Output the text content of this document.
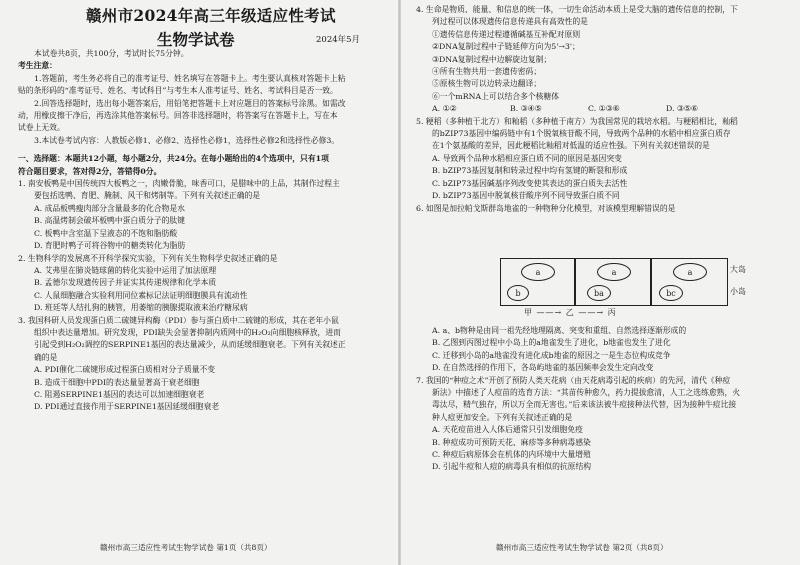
赣州市2024年高三年级适应性考试
生物学试卷	2024年5月
本试卷共8页，共100分，考试时长75分钟。
考生注意：
1.答题前，考生务必将自己的准考证号、姓名填写在答题卡上。考生要认真核对答题卡上粘
贴的条形码的“准考证号、姓名、考试科目”与考生本人准考证号、姓名、考试科目是否一致。
2.回答选择题时，选出每小题答案后，用铅笔把答题卡上对应题目的答案标号涂黑。如需改
动，用橡皮擦干净后，再选涂其他答案标号。回答非选择题时，将答案写在答题卡上，写在本
试卷上无效。
3.本试卷考试内容：人教版必修1、必修2、选择性必修1，选择性必修2和选择性必修3。
一、选择题：本题共12小题，每小题2分，共24分。在每小题给出的4个选项中，只有1项
符合题目要求，答对得2分，答错得0分。
1. 南安板鸭是中国传统四大板鸭之一，肉嫩骨脆，味香可口，是腊味中的上品，其制作过程主
要包括选鸭、育肥、腌制、风干和烤制等。下列有关叙述正确的是
A. 成品板鸭瘦肉部分含量最多的化合物是水
B. 高温烤制会破坏板鸭中蛋白质分子的肽键
C. 板鸭中含室温下呈液态的不饱和脂肪酸
D. 育肥时鸭子可将谷物中的糖类转化为脂肪
2. 生物科学的发展离不开科学探究实验，下列有关生物科学史叙述正确的是
A. 艾弗里在肺炎链球菌的转化实验中运用了加法原理
B. 孟德尔发现遗传因子并证实其传递规律和化学本质
C. 人鼠细胞融合实验利用同位素标记法证明细胞膜具有流动性
D. 班廷等人结扎狗的胰管，用萎缩的胰腺提取液来治疗糖尿病
3. 我国科研人员发现蛋白质二硫键异构酶（PDI）参与蛋白质中二硫键的形成，其在老年小鼠
组织中表达量增加。研究发现，PDI缺失会显著抑制内质网中的H₂O₂向细胞核释放，进而
引起受到H₂O₂调控的SERPINE1基因的表达量减少，从而延缓细胞衰老。下列有关叙述正
确的是
A. PDI催化二硫键形成过程蛋白质相对分子质量不变
B. 造成干细胞中PDI的表达量显著高于衰老细胞
C. 阻遏SERPINE1基因的表达可以加速细胞衰老
D. PDI通过直接作用于SERPINE1基因延缓细胞衰老
赣州市高三适应性考试生物学试卷 第1页（共8页）
4. 生命是物质、能量、和信息的统一体，一切生命活动本质上是受大脑的遗传信息的控制，下
列过程可以体现遗传信息传递具有高效性的是
①遗传信息传递过程遵循碱基互补配对原则
②DNA复制过程中子链延伸方向为5'→3'；
③DNA复制过程中边解旋边复制；
④所有生物共用一套遗传密码；
⑤原核生物可以边转录边翻译；
⑥一个mRNA上可以结合多个核糖体
A. ①②	B. ③④⑤	C. ①③⑥	D. ③⑤⑥
5. 粳稻（多种植于北方）和籼稻（多种植于南方）为我国常见的栽培水稻。与粳稻相比，籼稻
的bZIP73基因中编码链中有1个脱氧核苷酸不同，导致两个品种的水稻中相应蛋白质存
在1个氨基酸的差异，因此粳稻比籼稻对低温的适应性强。下列有关叙述错误的是
A. 导致两个品种水稻相应蛋白质不同的原因是基因突变
B. bZIP73基因复制和转录过程中均有氢键的断裂和形成
C. bZIP73基因碱基序列改变使其表达的蛋白质失去活性
D. bZIP73基因中脱氧核苷酸序列不同导致蛋白质不同
6. 如图是加拉帕戈斯群岛地雀的一种物种分化模型，对该模型理解错误的是
a
b
a
ba
a
bc
大岛
小岛
甲 ——→ 乙 ——→ 丙
A. a、b物种是由同一祖先经地理隔离、突变和重组、自然选择逐渐形成的
B. 乙图到丙图过程中小岛上的a地雀发生了进化，b地雀也发生了进化
C. 迁移到小岛的a地雀没有进化成b地雀的原因之一是生态位构成竞争
D. 在自然选择的作用下，各岛屿地雀的基因频率会发生定向改变
7. 我国的“种痘之术”开创了预防人类天花病（由天花病毒引起的疾病）的先河，清代《种痘
新法》中描述了人痘苗的选育方法：“其苗传种愈久，药力提拔愈清，人工之选练愈熟，火
毒汰尽，精气独存，所以万全而无害也。”后来该法被牛痘接种法代替，因为接种牛痘比接
种人痘更加安全。下列有关叙述正确的是
A. 天花痘苗进入人体后通常只引发细胞免疫
B. 种痘成功可预防天花、麻疹等多种病毒感染
C. 种痘后病原体会在机体的内环境中大量增殖
D. 引起牛痘和人痘的病毒具有相似的抗原结构
赣州市高三适应性考试生物学试卷 第2页（共8页）
